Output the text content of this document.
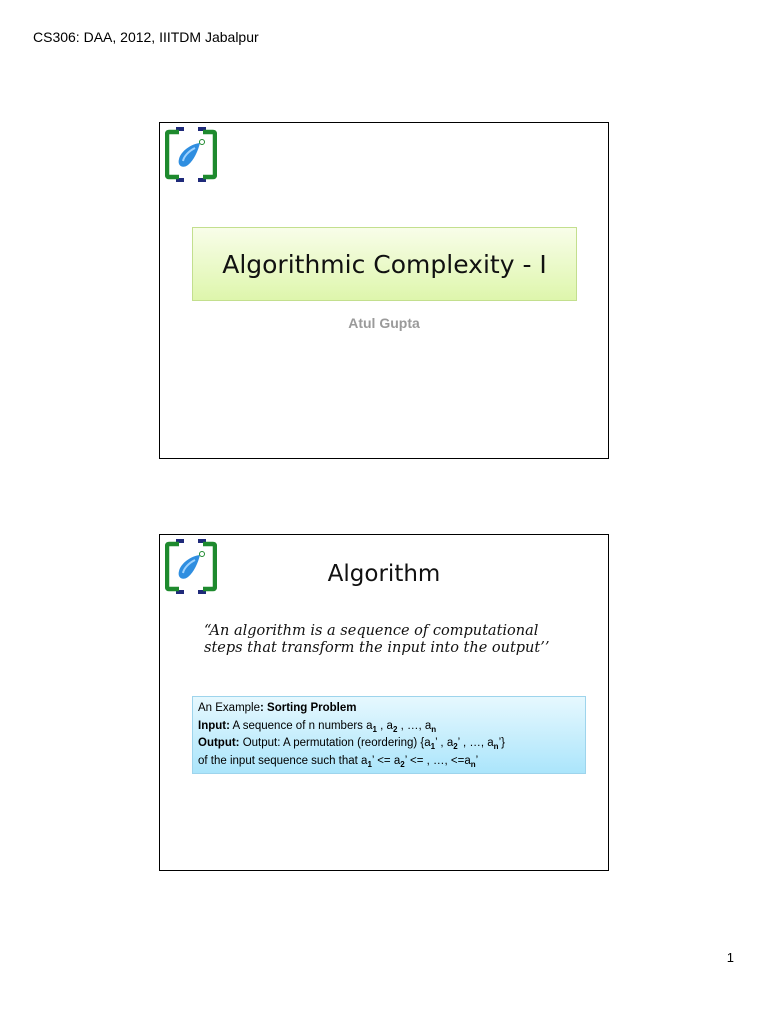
CS306: DAA, 2012, IIITDM Jabalpur
Algorithmic Complexity - I
Atul Gupta
Algorithm
“An algorithm is a sequence of computational steps that transform the input into the output’’
An Example: Sorting Problem
Input: A sequence of n numbers $a_1$ , $a_2$ , …, $a_n$
Output: Output: A permutation (reordering) {$a_1$’ , $a_2$’ , …, $a_n$’}
of the input sequence such that $a_1$’ <= $a_2$’ <= , …, $<=a_n$’
1
